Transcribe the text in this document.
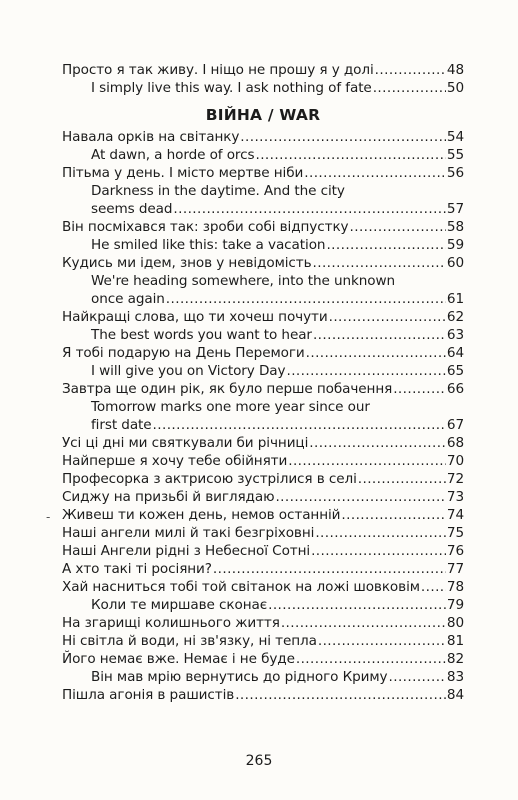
Просто я так живу. І ніщо не прошу я у долі .....	48
I simply live this way. I ask nothing of fate .....	50
ВІЙНА / WAR
Навала орків на світанку .....	54
At dawn, a horde of orcs .....	55
Пітьма у день. І місто мертве ніби .....	56
Darkness in the daytime. And the city
seems dead .....	57
Він посміхався так: зроби собі відпустку .....	58
He smiled like this: take a vacation .....	59
Кудись ми ідем, знов у невідомість .....	60
We're heading somewhere, into the unknown
once again .....	61
Найкращі слова, що ти хочеш почути .....	62
The best words you want to hear .....	63
Я тобі подарую на День Перемоги .....	64
I will give you on Victory Day .....	65
Завтра ще один рік, як було перше побачення .....	66
Tomorrow marks one more year since our
first date .....	67
Усі ці дні ми святкували би річниці .....	68
Найперше я хочу тебе обійняти .....	70
Професорка з актрисою зустрілися в селі .....	72
Сиджу на призьбі й виглядаю .....	73
Живеш ти кожен день, немов останній .....	74
Наші ангели милі й такі безгріховні .....	75
Наші Ангели рідні з Небесної Сотні .....	76
А хто такі ті росіяни? .....	77
Хай насниться тобі той світанок на ложі шовковім ..... 78
Коли те миршаве сконає .....	79
На згарищі колишнього життя .....	80
Ні світла й води, ні зв'язку, ні тепла .....	81
Його немає вже. Немає і не буде .....	82
Він мав мрію вернутись до рідного Криму .....	83
Пішла агонія в рашистів .....	84
-
265
